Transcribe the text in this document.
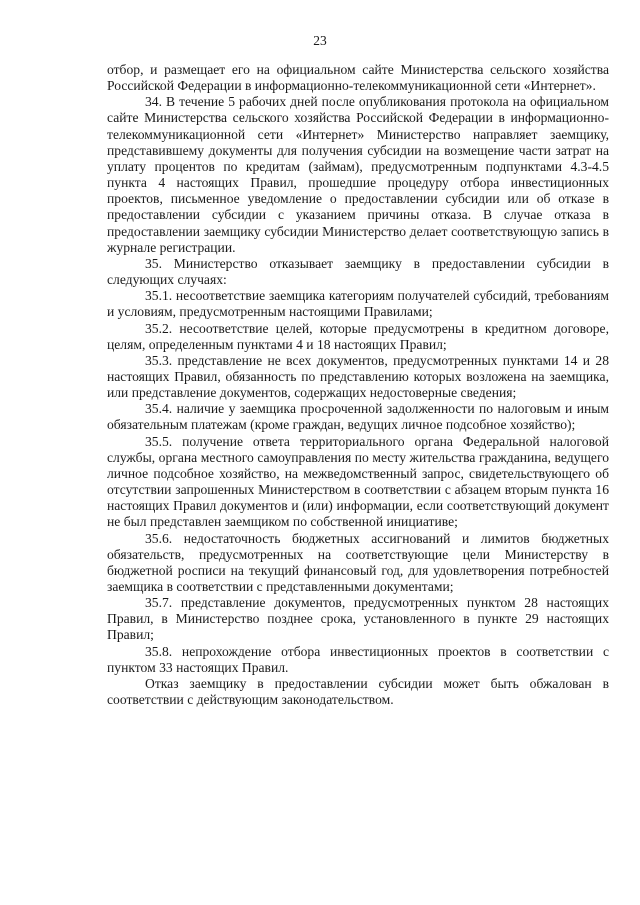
23

отбор, и размещает его на официальном сайте Министерства сельского хозяйства Российской Федерации в информационно-телекоммуникационной сети «Интернет».

34. В течение 5 рабочих дней после опубликования протокола на официальном сайте Министерства сельского хозяйства Российской Федерации в информационно-телекоммуникационной сети «Интернет» Министерство направляет заемщику, представившему документы для получения субсидии на возмещение части затрат на уплату процентов по кредитам (займам), предусмотренным подпунктами 4.3-4.5 пункта 4 настоящих Правил, прошедшие процедуру отбора инвестиционных проектов, письменное уведомление о предоставлении субсидии или об отказе в предоставлении субсидии с указанием причины отказа. В случае отказа в предоставлении заемщику субсидии Министерство делает соответствующую запись в журнале регистрации.

35. Министерство отказывает заемщику в предоставлении субсидии в следующих случаях:

35.1. несоответствие заемщика категориям получателей субсидий, требованиям и условиям, предусмотренным настоящими Правилами;

35.2. несоответствие целей, которые предусмотрены в кредитном договоре, целям, определенным пунктами 4 и 18 настоящих Правил;

35.3. представление не всех документов, предусмотренных пунктами 14 и 28 настоящих Правил, обязанность по представлению которых возложена на заемщика, или представление документов, содержащих недостоверные сведения;

35.4. наличие у заемщика просроченной задолженности по налоговым и иным обязательным платежам (кроме граждан, ведущих личное подсобное хозяйство);

35.5. получение ответа территориального органа Федеральной налоговой службы, органа местного самоуправления по месту жительства гражданина, ведущего личное подсобное хозяйство, на межведомственный запрос, свидетельствующего об отсутствии запрошенных Министерством в соответствии с абзацем вторым пункта 16 настоящих Правил документов и (или) информации, если соответствующий документ не был представлен заемщиком по собственной инициативе;

35.6. недостаточность бюджетных ассигнований и лимитов бюджетных обязательств, предусмотренных на соответствующие цели Министерству в бюджетной росписи на текущий финансовый год, для удовлетворения потребностей заемщика в соответствии с представленными документами;

35.7. представление документов, предусмотренных пунктом 28 настоящих Правил, в Министерство позднее срока, установленного в пункте 29 настоящих Правил;

35.8. непрохождение отбора инвестиционных проектов в соответствии с пунктом 33 настоящих Правил.

Отказ заемщику в предоставлении субсидии может быть обжалован в соответствии с действующим законодательством.
